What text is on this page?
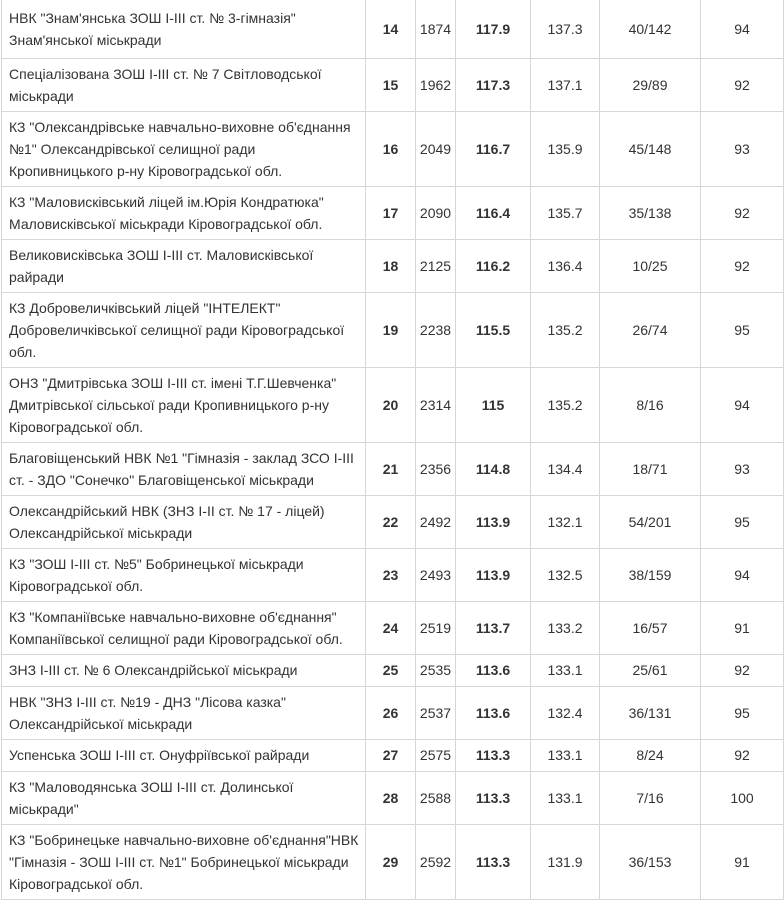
НВК "Знам'янська ЗОШ І-ІІІ ст. № 3-гімназія" Знам'янської міськради	14	1874	117.9	137.3	40/142	94
Спеціалізована ЗОШ І-ІІІ ст. № 7 Світловодської міськради	15	1962	117.3	137.1	29/89	92
КЗ "Олександрівське навчально-виховне об'єднання №1" Олександрівської селищної ради Кропивницького р-ну Кіровоградської обл.	16	2049	116.7	135.9	45/148	93
КЗ "Маловисківський ліцей ім.Юрія Кондратюка" Маловисківської міськради Кіровоградської обл.	17	2090	116.4	135.7	35/138	92
Великовисківська ЗОШ І-ІІІ ст. Маловисківської райради	18	2125	116.2	136.4	10/25	92
КЗ Добровеличківський ліцей "ІНТЕЛЕКТ" Добровеличківської селищної ради Кіровоградської обл.	19	2238	115.5	135.2	26/74	95
ОНЗ "Дмитрівська ЗОШ І-ІІІ ст. імені Т.Г.Шевченка" Дмитрівської сільської ради Кропивницького р-ну Кіровоградської обл.	20	2314	115	135.2	8/16	94
Благовіщенський НВК №1 "Гімназія - заклад ЗСО І-ІІІ ст. - ЗДО "Сонечко" Благовіщенської міськради	21	2356	114.8	134.4	18/71	93
Олександрійський НВК (ЗНЗ І-ІІ ст. № 17 - ліцей) Олександрійської міськради	22	2492	113.9	132.1	54/201	95
КЗ "ЗОШ І-ІІІ ст. №5" Бобринецької міськради Кіровоградської обл.	23	2493	113.9	132.5	38/159	94
КЗ "Компаніївське навчально-виховне об'єднання" Компаніївської селищної ради Кіровоградської обл.	24	2519	113.7	133.2	16/57	91
ЗНЗ І-ІІІ ст. № 6 Олександрійської міськради	25	2535	113.6	133.1	25/61	92
НВК "ЗНЗ І-ІІІ ст. №19 - ДНЗ "Лісова казка" Олександрійської міськради	26	2537	113.6	132.4	36/131	95
Успенська ЗОШ І-ІІІ ст. Онуфріївської райради	27	2575	113.3	133.1	8/24	92
КЗ "Маловодянська ЗОШ І-ІІІ ст. Долинської міськради"	28	2588	113.3	133.1	7/16	100
КЗ "Бобринецьке навчально-виховне об'єднання"НВК "Гімназія - ЗОШ І-ІІІ ст. №1" Бобринецької міськради Кіровоградської обл.	29	2592	113.3	131.9	36/153	91
